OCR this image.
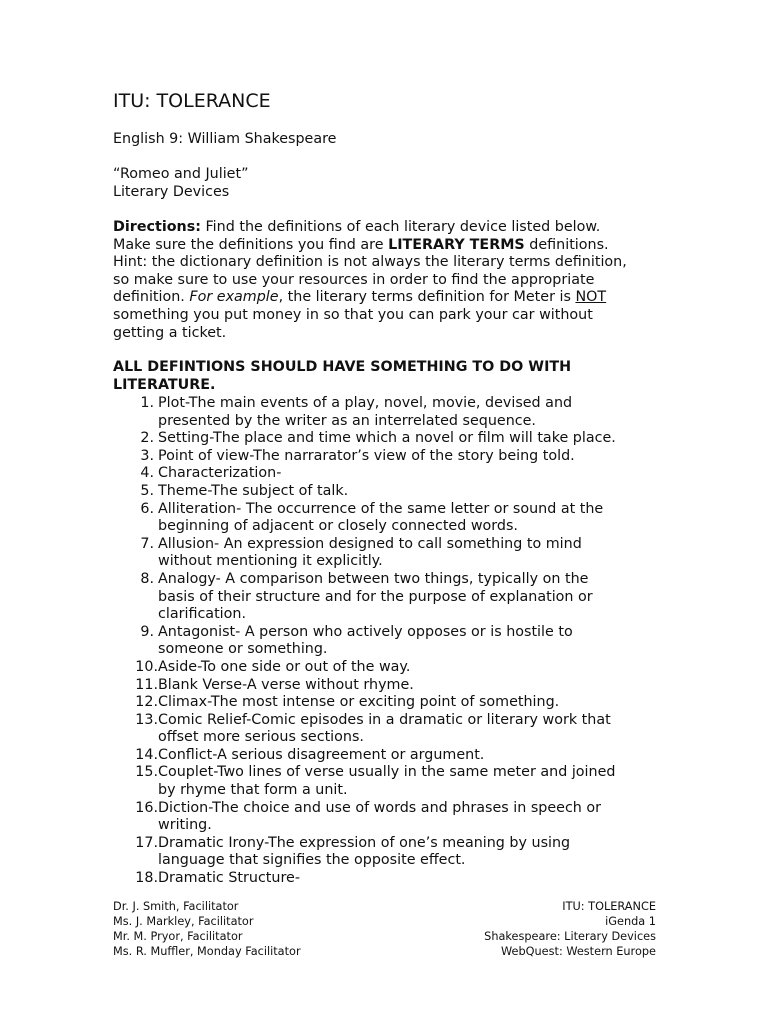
ITU: TOLERANCE
English 9: William Shakespeare
“Romeo and Juliet”
Literary Devices
Directions: Find the definitions of each literary device listed below.
Make sure the definitions you find are LITERARY TERMS definitions.
Hint: the dictionary definition is not always the literary terms definition,
so make sure to use your resources in order to find the appropriate
definition. For example, the literary terms definition for Meter is NOT
something you put money in so that you can park your car without
getting a ticket.
ALL DEFINTIONS SHOULD HAVE SOMETHING TO DO WITH
LITERATURE.
1. Plot-The main events of a play, novel, movie, devised and
presented by the writer as an interrelated sequence.
2. Setting-The place and time which a novel or film will take place.
3. Point of view-The narrarator’s view of the story being told.
4. Characterization-
5. Theme-The subject of talk.
6. Alliteration- The occurrence of the same letter or sound at the
beginning of adjacent or closely connected words.
7. Allusion- An expression designed to call something to mind
without mentioning it explicitly.
8. Analogy- A comparison between two things, typically on the
basis of their structure and for the purpose of explanation or
clarification.
9. Antagonist- A person who actively opposes or is hostile to
someone or something.
10. Aside-To one side or out of the way.
11. Blank Verse-A verse without rhyme.
12. Climax-The most intense or exciting point of something.
13. Comic Relief-Comic episodes in a dramatic or literary work that
offset more serious sections.
14. Conflict-A serious disagreement or argument.
15. Couplet-Two lines of verse usually in the same meter and joined
by rhyme that form a unit.
16. Diction-The choice and use of words and phrases in speech or
writing.
17. Dramatic Irony-The expression of one’s meaning by using
language that signifies the opposite effect.
18. Dramatic Structure-
Dr. J. Smith, Facilitator
Ms. J. Markley, Facilitator
Mr. M. Pryor, Facilitator
Ms. R. Muffler, Monday Facilitator
ITU: TOLERANCE
iGenda 1
Shakespeare: Literary Devices
WebQuest: Western Europe
